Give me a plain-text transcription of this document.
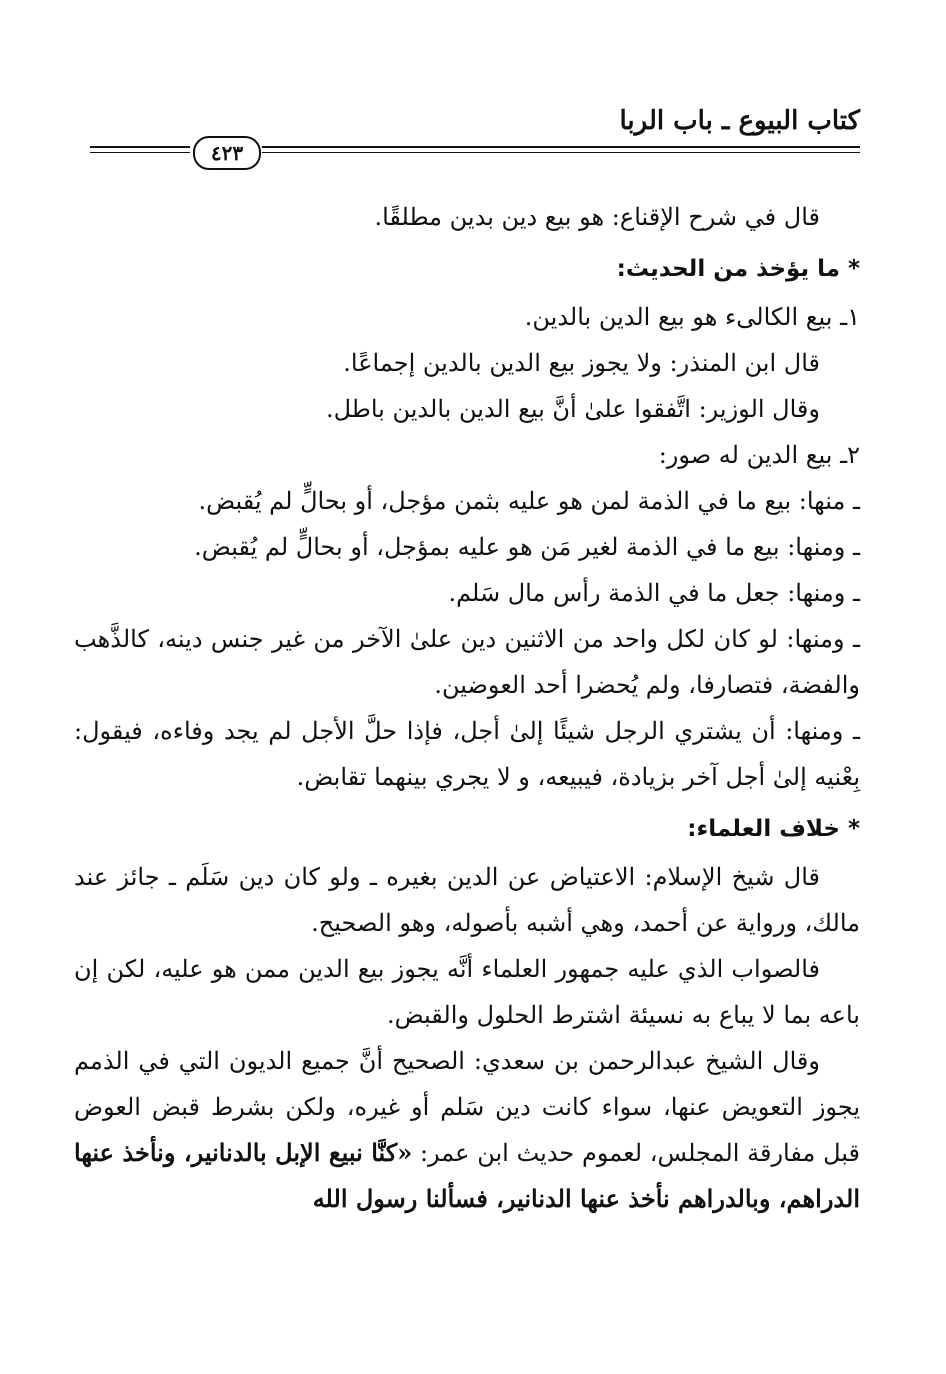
كتاب البيوع ـ باب الربا
٤٢٣

قال في شرح الإقناع: هو بيع دين بدين مطلقًا.

* ما يؤخذ من الحديث:

١ـ بيع الكالىء هو بيع الدين بالدين.

قال ابن المنذر: ولا يجوز بيع الدين بالدين إجماعًا.

وقال الوزير: اتَّفقوا علىٰ أنَّ بيع الدين بالدين باطل.

٢ـ بيع الدين له صور:

ـ منها: بيع ما في الذمة لمن هو عليه بثمن مؤجل، أو بحالٍّ لم يُقبض.

ـ ومنها: بيع ما في الذمة لغير مَن هو عليه بمؤجل، أو بحالٍّ لم يُقبض.

ـ ومنها: جعل ما في الذمة رأس مال سَلم.

ـ ومنها: لو كان لكل واحد من الاثنين دين علىٰ الآخر من غير جنس دينه، كالذَّهب والفضة، فتصارفا، ولم يُحضرا أحد العوضين.

ـ ومنها: أن يشتري الرجل شيئًا إلىٰ أجل، فإذا حلَّ الأجل لم يجد وفاءه، فيقول: بِعْنيه إلىٰ أجل آخر بزيادة، فيبيعه، و لا يجري بينهما تقابض.

* خلاف العلماء:

قال شيخ الإسلام: الاعتياض عن الدين بغيره ـ ولو كان دين سَلَم ـ جائز عند مالك، ورواية عن أحمد، وهي أشبه بأصوله، وهو الصحيح.

فالصواب الذي عليه جمهور العلماء أنَّه يجوز بيع الدين ممن هو عليه، لكن إن باعه بما لا يباع به نسيئة اشترط الحلول والقبض.

وقال الشيخ عبدالرحمن بن سعدي: الصحيح أنَّ جميع الديون التي في الذمم يجوز التعويض عنها، سواء كانت دين سَلم أو غيره، ولكن بشرط قبض العوض قبل مفارقة المجلس، لعموم حديث ابن عمر: «كنَّا نبيع الإبل بالدنانير، ونأخذ عنها الدراهم، وبالدراهم نأخذ عنها الدنانير، فسألنا رسول الله
